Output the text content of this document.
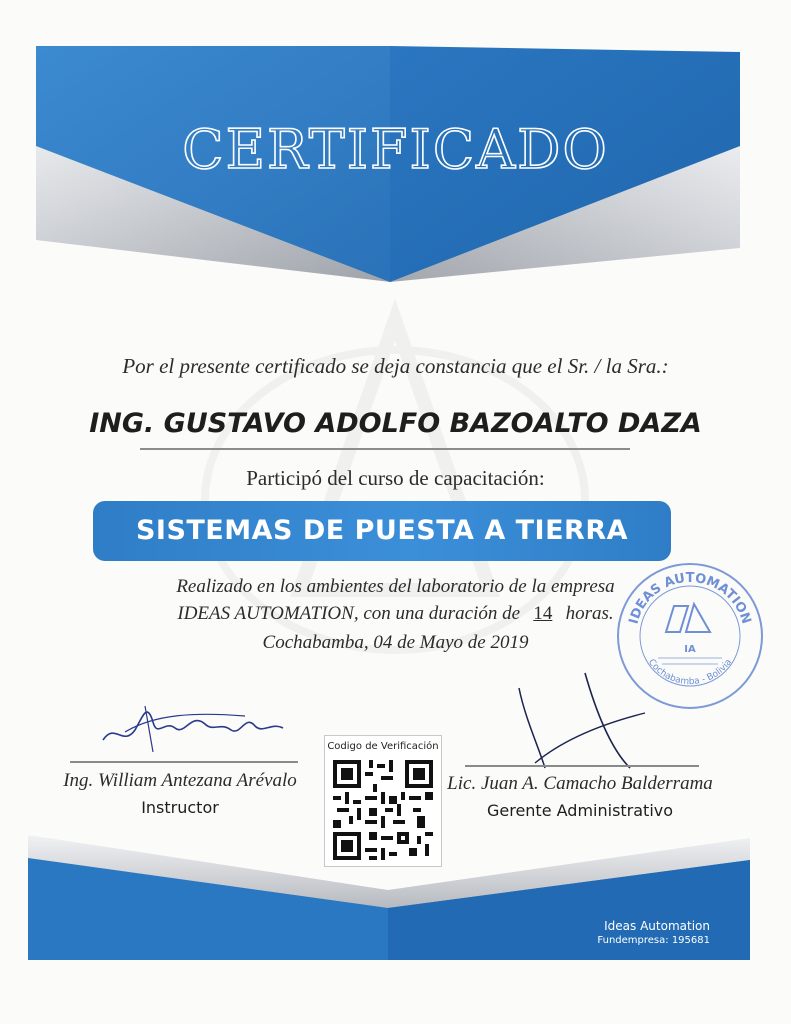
CERTIFICADO
Por el presente certificado se deja constancia que el Sr. / la Sra.:
ING. GUSTAVO ADOLFO BAZOALTO DAZA
Participó del curso de capacitación:
SISTEMAS DE PUESTA A TIERRA
Realizado en los ambientes del laboratorio de la empresa
IDEAS AUTOMATION, con una duración de 14 horas.
Cochabamba, 04 de Mayo de 2019
Ing. William Antezana Arévalo
Instructor
Codigo de Verificación
Lic. Juan A. Camacho Balderrama
Gerente Administrativo
IDEAS AUTOMATION
Cochabamba - Bolivia
IA
Ideas Automation
Fundempresa: 195681
